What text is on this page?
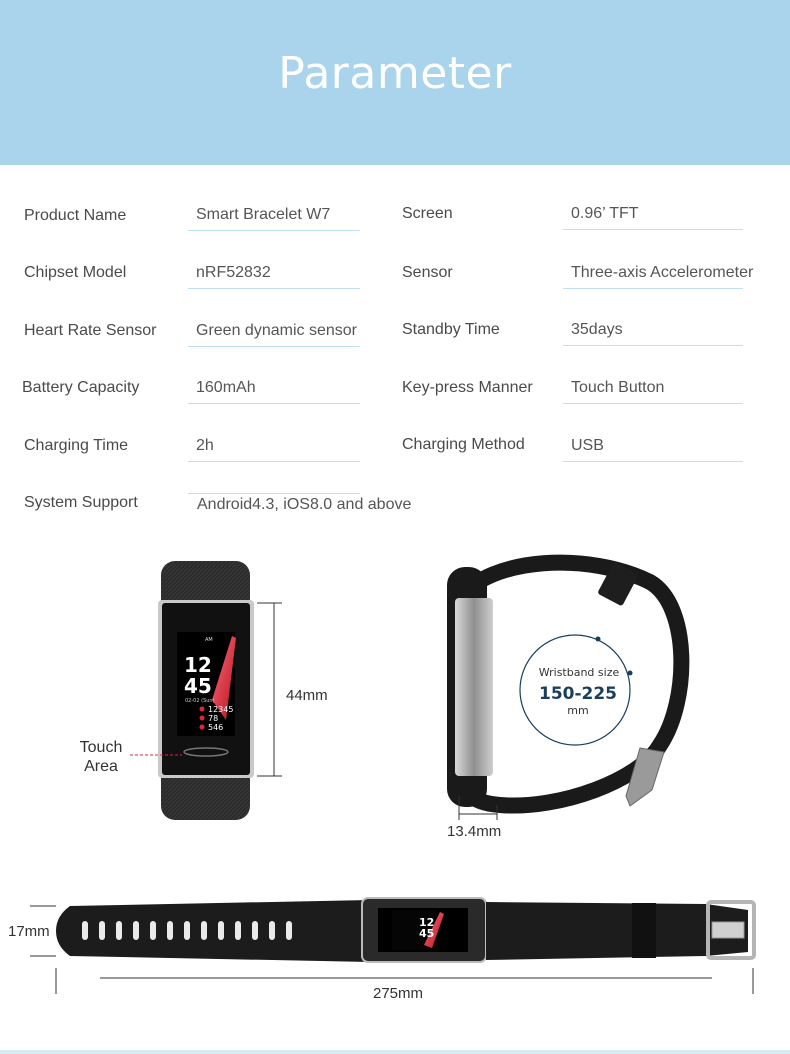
Parameter
Product Name	Smart Bracelet W7
Chipset Model	nRF52832
Heart Rate Sensor	Green dynamic sensor
Battery Capacity	160mAh
Charging Time	2h
System Support	Android4.3, iOS8.0 and above
Screen	0.96’ TFT
Sensor	Three-axis Accelerometer
Standby Time	35days
Key-press Manner	Touch Button
Charging Method	USB
AM
12
45
02-02 (Sun)
12345
78
546
Touch
Area
44mm
Wristband size
150-225
mm
13.4mm
12
45
17mm
275mm
